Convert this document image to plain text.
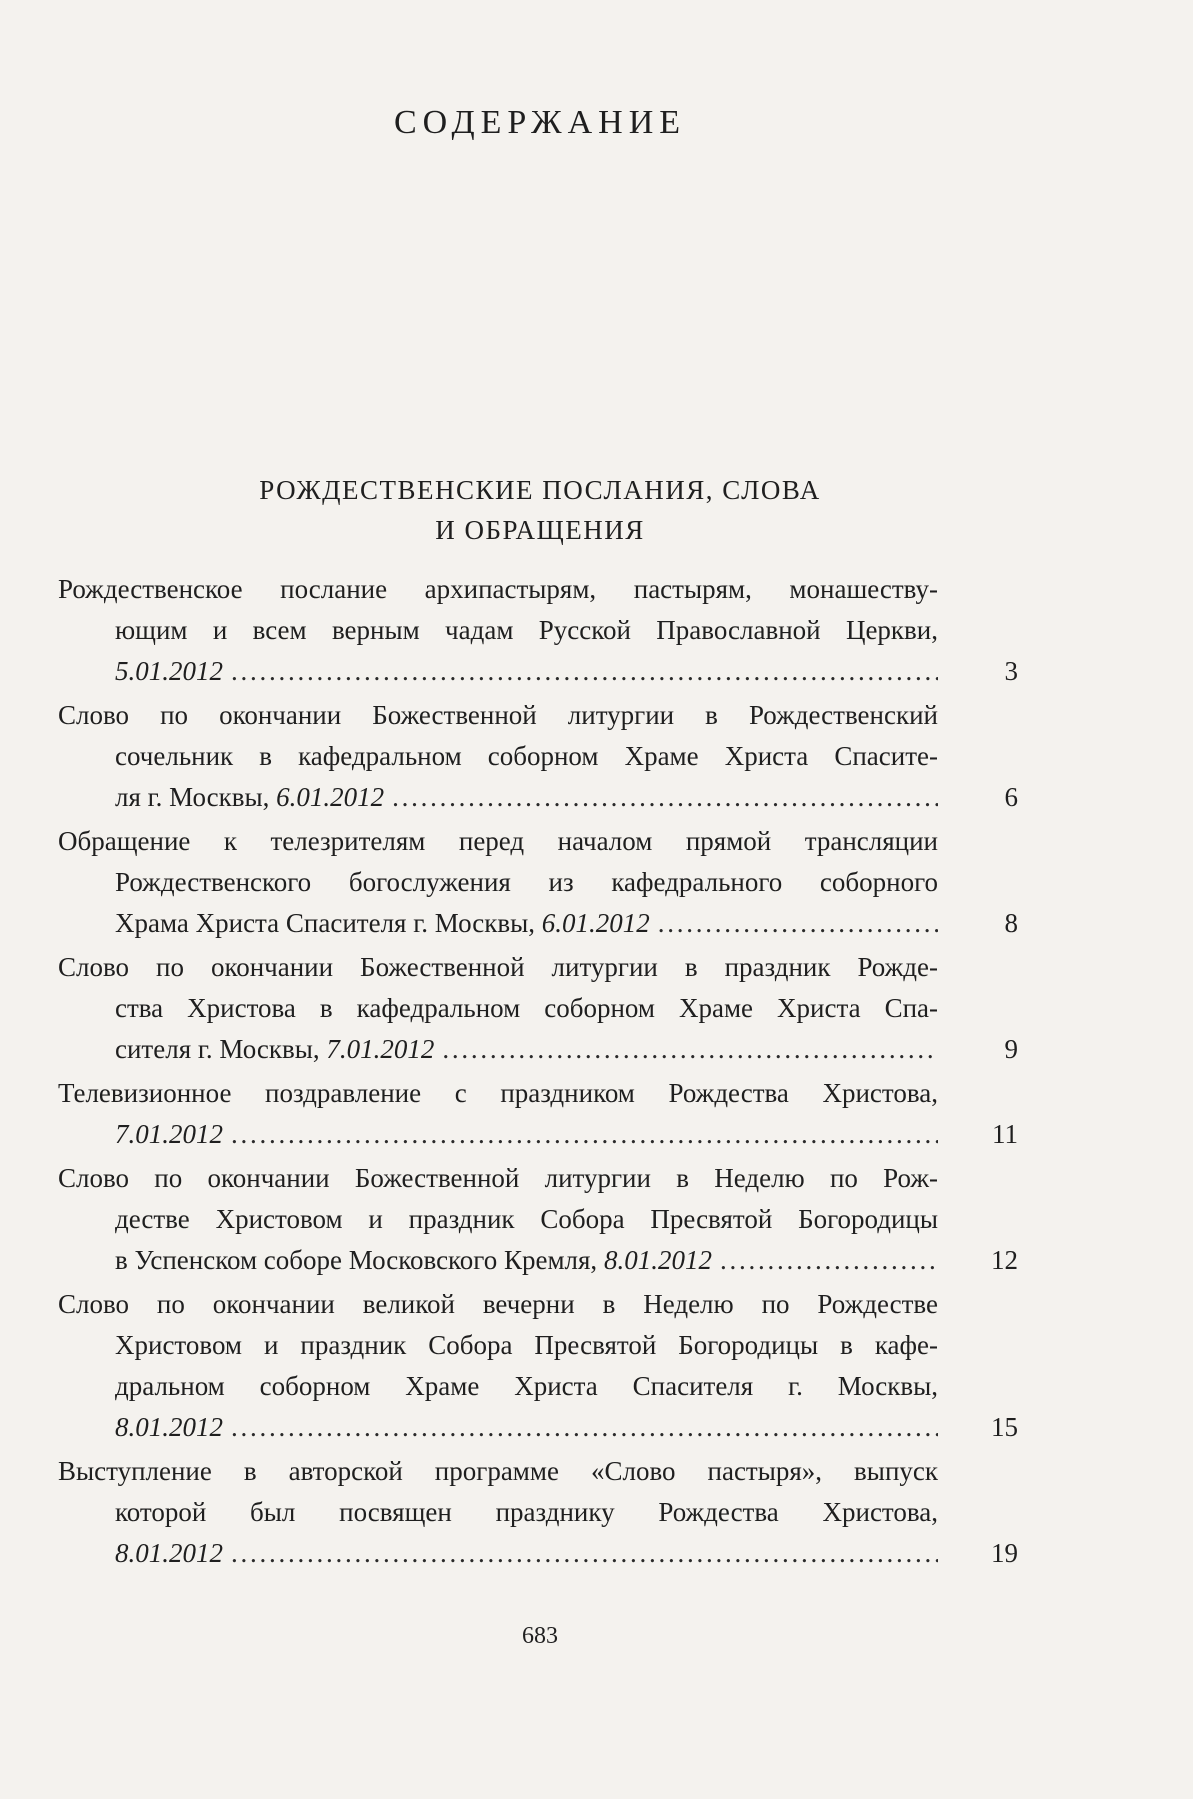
СОДЕРЖАНИЕ
РОЖДЕСТВЕНСКИЕ ПОСЛАНИЯ, СЛОВА
И ОБРАЩЕНИЯ
Рождественское послание архипастырям, пастырям, монашеству-
ющим и всем верным чадам Русской Православной Церкви,
5.01.2012 . . .	3
Слово по окончании Божественной литургии в Рождественский
сочельник в кафедральном соборном Храме Христа Спасите-
ля г. Москвы, 6.01.2012 . . .	6
Обращение к телезрителям перед началом прямой трансляции
Рождественского богослужения из кафедрального соборного
Храма Христа Спасителя г. Москвы, 6.01.2012 . . .	8
Слово по окончании Божественной литургии в праздник Рожде-
ства Христова в кафедральном соборном Храме Христа Спа-
сителя г. Москвы, 7.01.2012 . . .	9
Телевизионное поздравление с праздником Рождества Христова,
7.01.2012 . . .	11
Слово по окончании Божественной литургии в Неделю по Рож-
дестве Христовом и праздник Собора Пресвятой Богородицы
в Успенском соборе Московского Кремля, 8.01.2012 . . .	12
Слово по окончании великой вечерни в Неделю по Рождестве
Христовом и праздник Собора Пресвятой Богородицы в кафе-
дральном соборном Храме Христа Спасителя г. Москвы,
8.01.2012 . . .	15
Выступление в авторской программе «Слово пастыря», выпуск
которой был посвящен празднику Рождества Христова,
8.01.2012 . . .	19
683
